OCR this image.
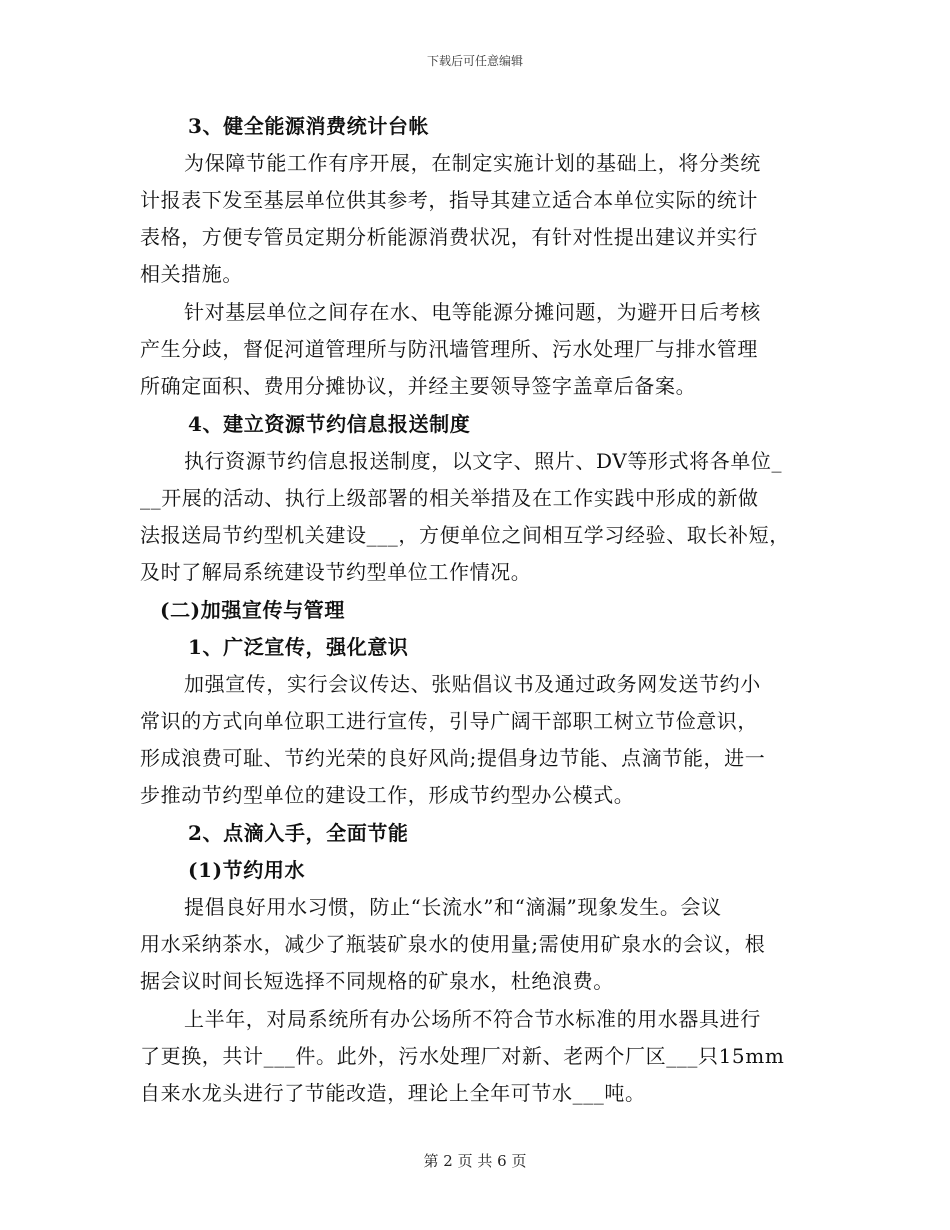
下载后可任意编辑
3、健全能源消费统计台帐
为保障节能工作有序开展，在制定实施计划的基础上，将分类统
计报表下发至基层单位供其参考，指导其建立适合本单位实际的统计
表格，方便专管员定期分析能源消费状况，有针对性提出建议并实行
相关措施。
针对基层单位之间存在水、电等能源分摊问题，为避开日后考核
产生分歧，督促河道管理所与防汛墙管理所、污水处理厂与排水管理
所确定面积、费用分摊协议，并经主要领导签字盖章后备案。
4、建立资源节约信息报送制度
执行资源节约信息报送制度，以文字、照片、DV等形式将各单位_
__开展的活动、执行上级部署的相关举措及在工作实践中形成的新做
法报送局节约型机关建设___，方便单位之间相互学习经验、取长补短，
及时了解局系统建设节约型单位工作情况。
(二)加强宣传与管理
1、广泛宣传，强化意识
加强宣传，实行会议传达、张贴倡议书及通过政务网发送节约小
常识的方式向单位职工进行宣传，引导广阔干部职工树立节俭意识，
形成浪费可耻、节约光荣的良好风尚;提倡身边节能、点滴节能，进一
步推动节约型单位的建设工作，形成节约型办公模式。
2、点滴入手，全面节能
(1)节约用水
提倡良好用水习惯，防止“长流水”和“滴漏”现象发生。会议
用水采纳茶水，减少了瓶装矿泉水的使用量;需使用矿泉水的会议，根
据会议时间长短选择不同规格的矿泉水，杜绝浪费。
上半年，对局系统所有办公场所不符合节水标准的用水器具进行
了更换，共计___件。此外，污水处理厂对新、老两个厂区___只15mm
自来水龙头进行了节能改造，理论上全年可节水___吨。
第 2 页 共 6 页
